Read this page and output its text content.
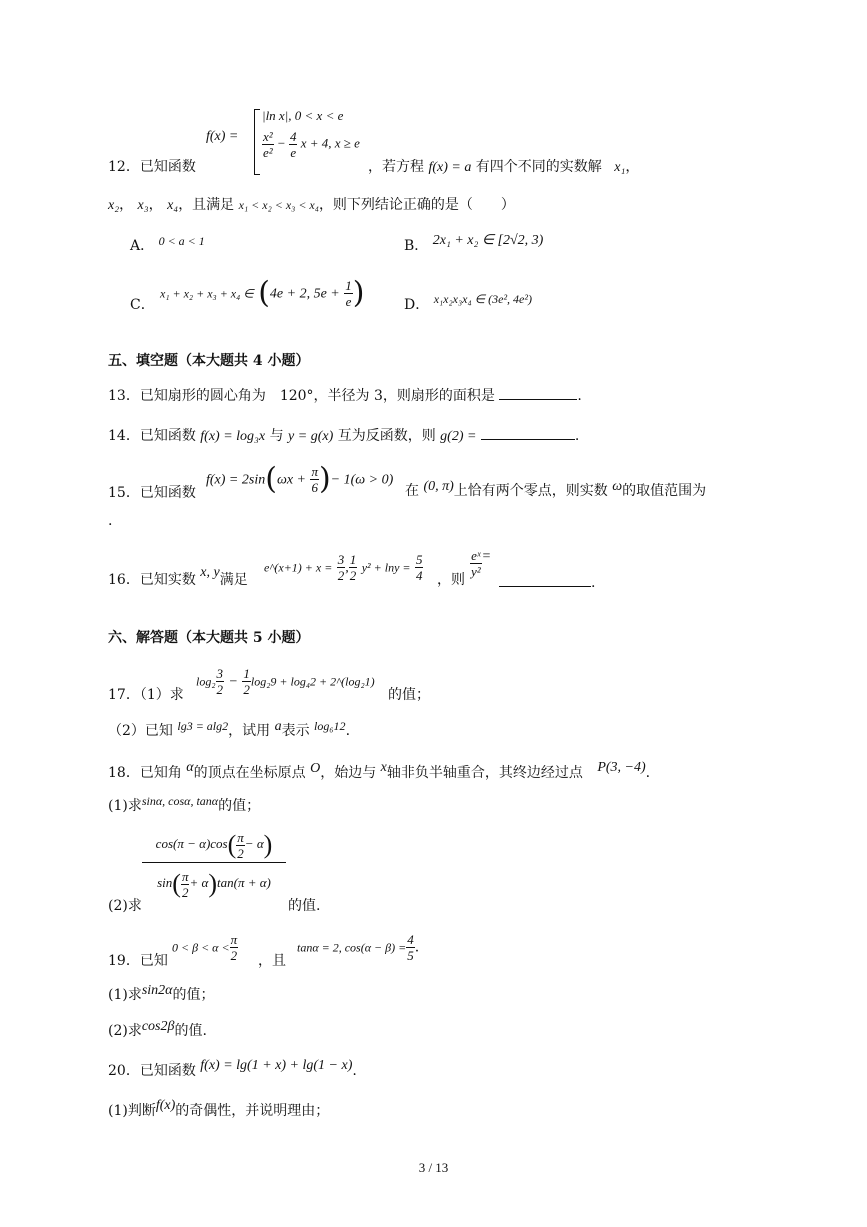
f(x) =
|ln x|, 0 < x < e
$\frac{\text{x²}}{\text{e²}} - \frac{4}{e}$ x + 4, x ≥ e
12．已知函数	，若方程 f(x) = a 有四个不同的实数解 x₁，
x₂， x₃， x₄，且满足 x₁ < x₂ < x₃ < x₄，则下列结论正确的是（　　）
A． 0 < a < 1	B． 2x₁ + x₂ ∈ [2√2, 3)
C．
x₁ + x₂ + x₃ + x₄ ∈ (4e + 2, $5e + \frac{1}{e}$ )	D． x₁x₂x₃x₄ ∈ (3e², 4e²)
五、填空题（本大题共 4 小题）
13．已知扇形的圆心角为　120°，半径为 3，则扇形的面积是	.
14．已知函数 f(x) = log₃x 与 y = g(x) 互为反函数，则 g(2) =	.
15．已知函数
$f(x) = 2\sin(\omega x + \frac{\pi}{6}$ )− 1(ω > 0)
在 (0, π)上恰有两个零点，则实数 ω的取值范围为
.
16．已知实数 x, y满足
e^(x+1) + $x = \frac{3}{2}$ , $\frac{1}{2} y^2 + \ln y = \frac{5}{4}$ ，则
$\frac{\text{eˣ}}{\text{y²}}$ =
.
六、解答题（本大题共 5 小题）
17．（1）求
$\log_2 \frac{3}{2} - \frac{1}{2} \log_29 + \log_42$ + 2^(log₂1)
的值；
（2）已知 lg3 = alg2，试用 a表示 log₆12.
18．已知角 α的顶点在坐标原点 O，始边与 x轴非负半轴重合，其终边经过点 P(3, −4).
(1)求sinα, cosα, tanα的值；
(2)求
$\frac{\cos(\pi - \alpha)\cos( \frac{\pi}{2} - \alpha)}{\sin( \frac{\pi}{2} + \alpha)\tan(\pi + \alpha)}$
的值.
19．已知
$0 < \beta < \alpha < \frac{\pi}{2}$ ，且
tanα = 2, $\cos(\alpha - \beta) = \frac{4}{5}$ .
(1)求sin2α的值；
(2)求cos2β的值.
20．已知函数 f(x) = lg(1 + x) + lg(1 − x).
(1)判断f(x)的奇偶性，并说明理由；
3 / 13
